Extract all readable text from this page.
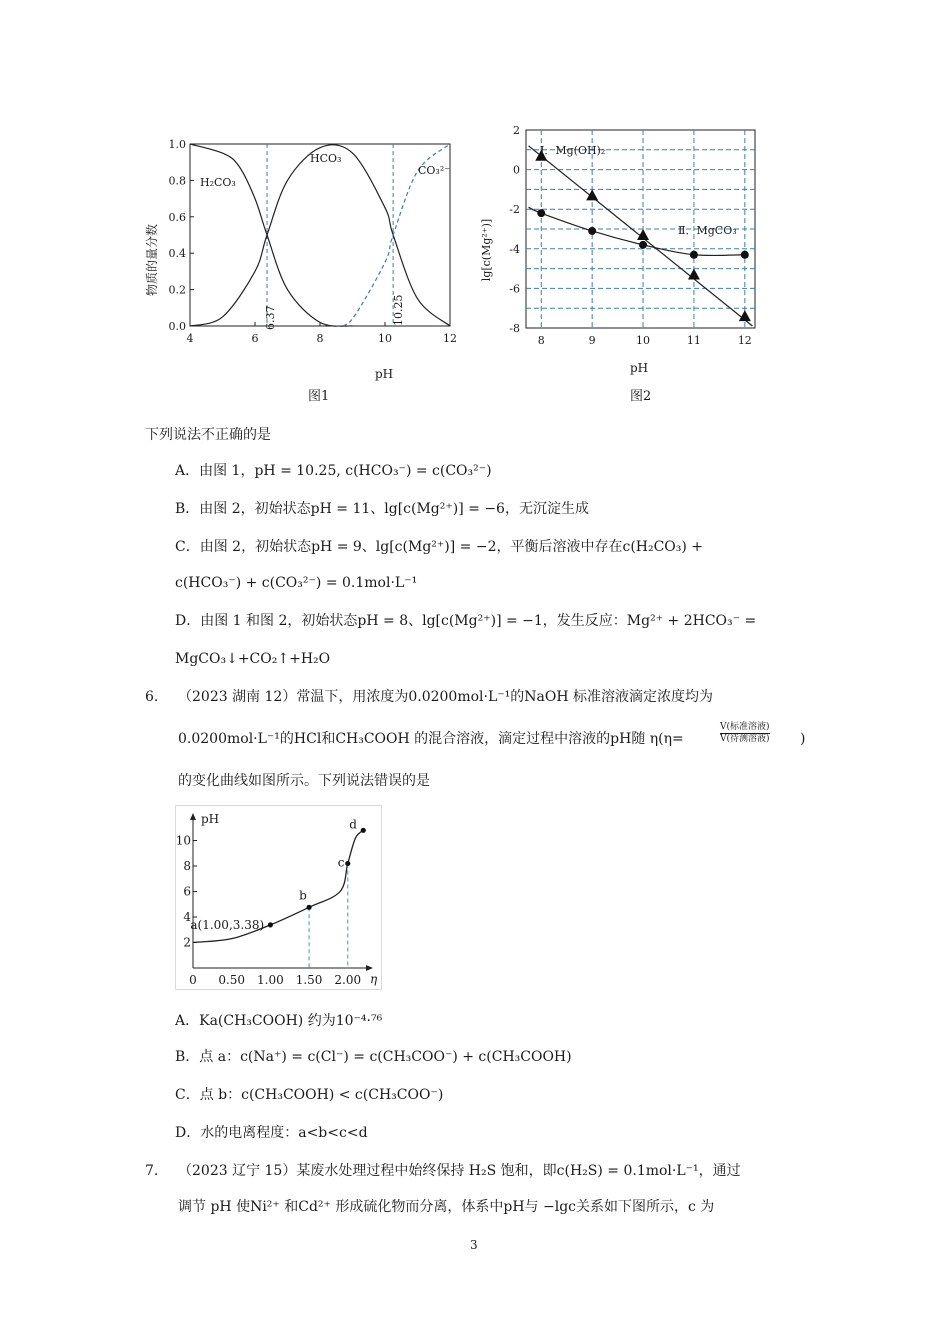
4	6	8	10	12
0.0
0.2
0.4
0.6
0.8
1.0
pH
图1
物质的量分数
H₂CO₃
HCO₃
CO₃²⁻
6.37	10.25
8	9	10	11	12
2
0
-2
-4
-6
-8
pH
图2
lg[c(Mg²⁺)]
Ⅰ．Mg(OH)₂
Ⅱ．MgCO₃
下列说法不正确的是
A．由图 1，pH = 10.25, c(HCO₃⁻) = c(CO₃²⁻)
B．由图 2，初始状态pH = 11、lg[c(Mg²⁺)] = −6，无沉淀生成
C．由图 2，初始状态pH = 9、lg[c(Mg²⁺)] = −2，平衡后溶液中存在c(H₂CO₃) +
c(HCO₃⁻) + c(CO₃²⁻) = 0.1mol·L⁻¹
D．由图 1 和图 2，初始状态pH = 8、lg[c(Mg²⁺)] = −1，发生反应：Mg²⁺ + 2HCO₃⁻ =
MgCO₃↓+CO₂↑+H₂O
6. （2023 湖南 12）常温下，用浓度为0.0200mol·L⁻¹的NaOH 标准溶液滴定浓度均为
0.0200mol·L⁻¹的HCl和CH₃COOH 的混合溶液，滴定过程中溶液的pH随 η(η=
V(标准溶液)
V(待测溶液) )
的变化曲线如图所示。下列说法错误的是
0 0.50 1.00 1.50 2.00
2
4
6
8
10
a(1.00,3.38)
b
c
d
pH
η
A．Ka(CH₃COOH) 约为10⁻⁴·⁷⁶
B．点 a：c(Na⁺) = c(Cl⁻) = c(CH₃COO⁻) + c(CH₃COOH)
C．点 b：c(CH₃COOH) < c(CH₃COO⁻)
D．水的电离程度：a<b<c<d
7. （2023 辽宁 15）某废水处理过程中始终保持 H₂S 饱和，即c(H₂S) = 0.1mol·L⁻¹，通过
调节 pH 使Ni²⁺ 和Cd²⁺ 形成硫化物而分离，体系中pH与 −lgc关系如下图所示，c 为
3
